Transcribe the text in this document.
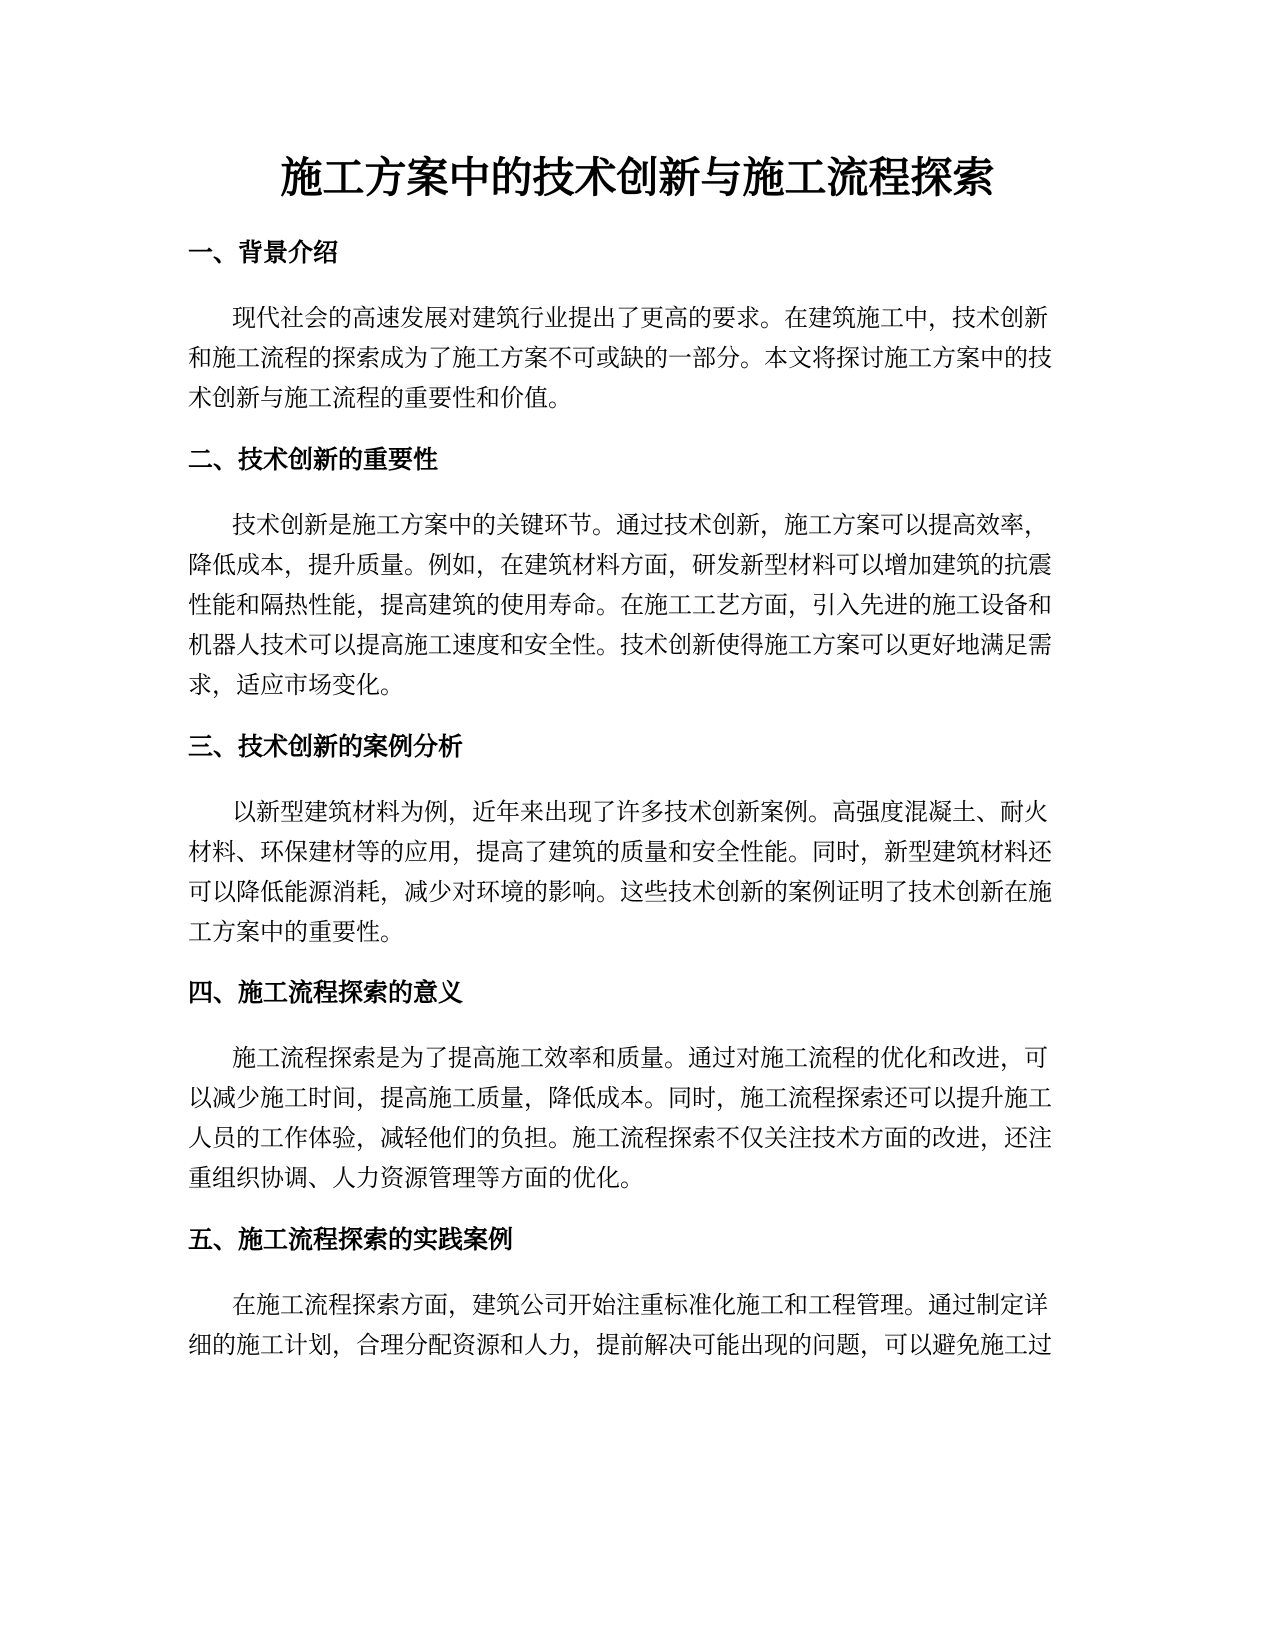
施工方案中的技术创新与施工流程探索
一、背景介绍
现代社会的高速发展对建筑行业提出了更高的要求。在建筑施工中，技术创新
和施工流程的探索成为了施工方案不可或缺的一部分。本文将探讨施工方案中的技
术创新与施工流程的重要性和价值。
二、技术创新的重要性
技术创新是施工方案中的关键环节。通过技术创新，施工方案可以提高效率，
降低成本，提升质量。例如，在建筑材料方面，研发新型材料可以增加建筑的抗震
性能和隔热性能，提高建筑的使用寿命。在施工工艺方面，引入先进的施工设备和
机器人技术可以提高施工速度和安全性。技术创新使得施工方案可以更好地满足需
求，适应市场变化。
三、技术创新的案例分析
以新型建筑材料为例，近年来出现了许多技术创新案例。高强度混凝土、耐火
材料、环保建材等的应用，提高了建筑的质量和安全性能。同时，新型建筑材料还
可以降低能源消耗，减少对环境的影响。这些技术创新的案例证明了技术创新在施
工方案中的重要性。
四、施工流程探索的意义
施工流程探索是为了提高施工效率和质量。通过对施工流程的优化和改进，可
以减少施工时间，提高施工质量，降低成本。同时，施工流程探索还可以提升施工
人员的工作体验，减轻他们的负担。施工流程探索不仅关注技术方面的改进，还注
重组织协调、人力资源管理等方面的优化。
五、施工流程探索的实践案例
在施工流程探索方面，建筑公司开始注重标准化施工和工程管理。通过制定详
细的施工计划，合理分配资源和人力，提前解决可能出现的问题，可以避免施工过
